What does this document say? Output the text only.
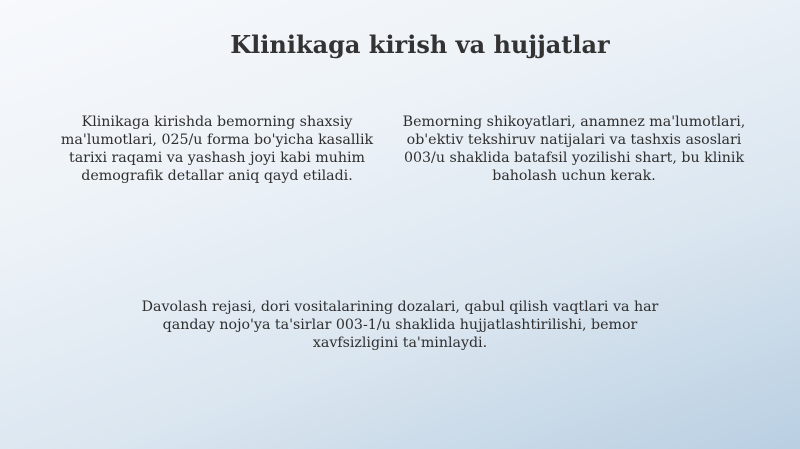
Klinikaga kirish va hujjatlar

Klinikaga kirishda bemorning shaxsiy ma'lumotlari, 025/u forma bo'yicha kasallik tarixi raqami va yashash joyi kabi muhim demografik detallar aniq qayd etiladi.

Bemorning shikoyatlari, anamnez ma'lumotlari, ob'ektiv tekshiruv natijalari va tashxis asoslari 003/u shaklida batafsil yozilishi shart, bu klinik baholash uchun kerak.

Davolash rejasi, dori vositalarining dozalari, qabul qilish vaqtlari va har qanday nojo'ya ta'sirlar 003-1/u shaklida hujjatlashtirilishi, bemor xavfsizligini ta'minlaydi.
